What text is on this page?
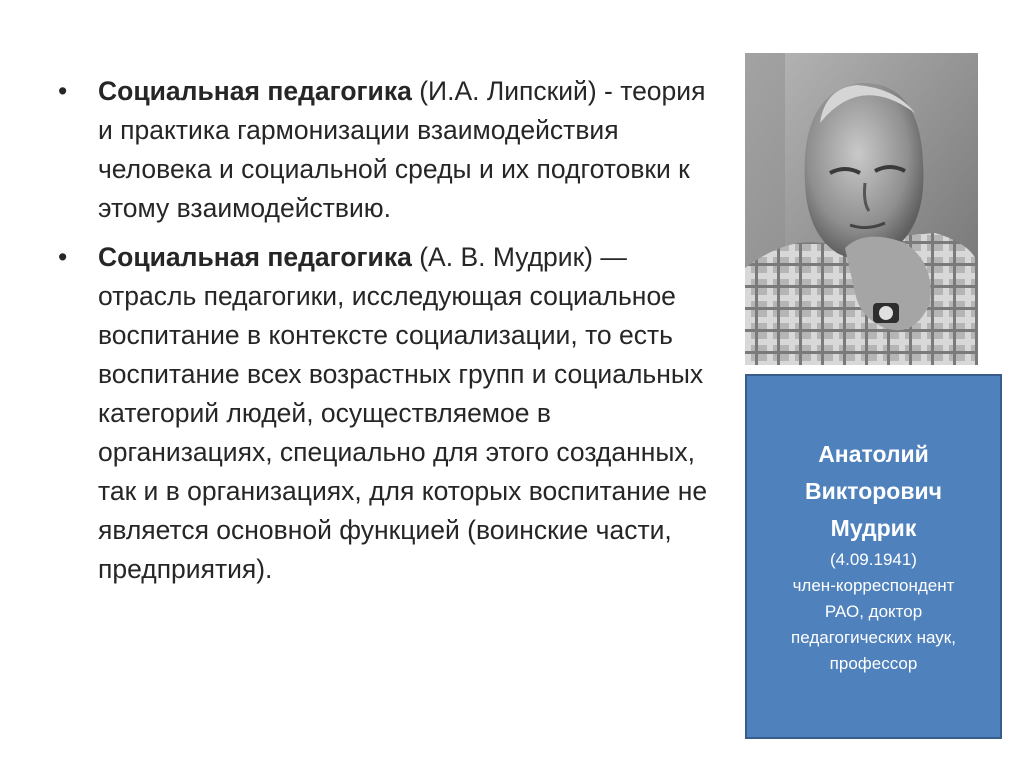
•	Социальная педагогика (И.А. Липский) - теория и практика гармонизации взаимодействия человека и социальной среды и их подготовки к этому взаимодействию.
•	Социальная педагогика (А. В. Мудрик) — отрасль педагогики, исследующая социальное воспитание в контексте социализации, то есть воспитание всех возрастных групп и социальных категорий людей, осуществляемое в организациях, специально для этого созданных, так и в организациях, для которых воспитание не является основной функцией (воинские части, предприятия).
Анатолий
Викторович
Мудрик
(4.09.1941)
член-корреспондент
РАО, доктор
педагогических наук,
профессор
